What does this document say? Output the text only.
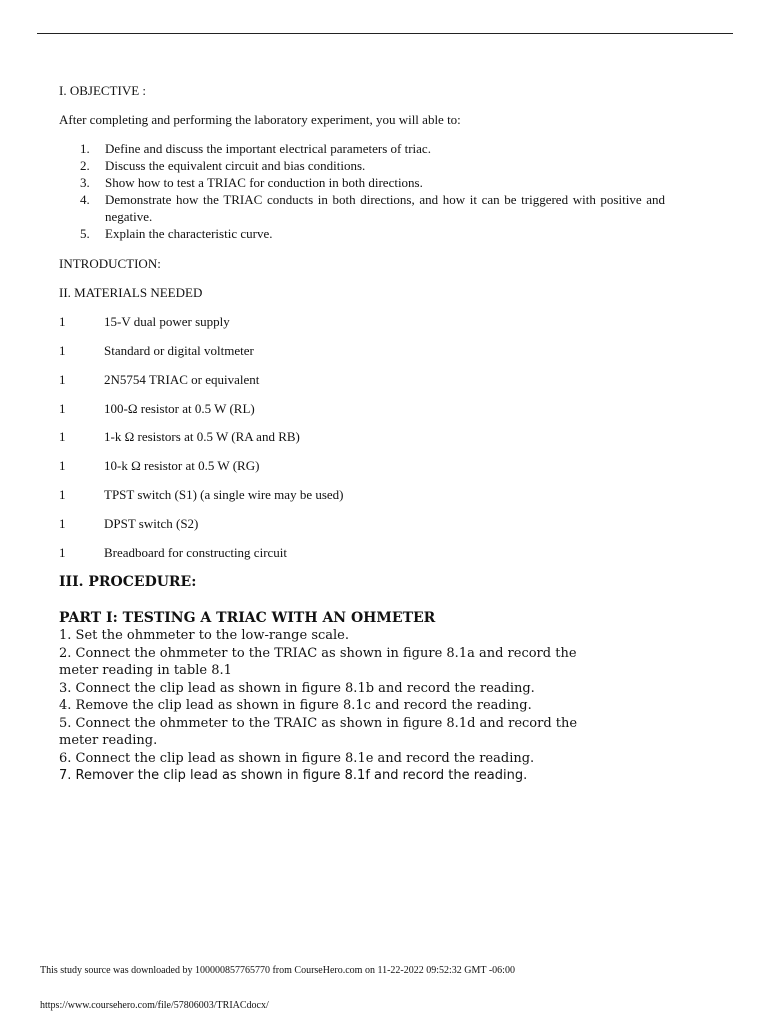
I. OBJECTIVE :
After completing and performing the laboratory experiment, you will able to:
1. Define and discuss the important electrical parameters of triac.
2. Discuss the equivalent circuit and bias conditions.
3. Show how to test a TRIAC for conduction in both directions.
4. Demonstrate how the TRIAC conducts in both directions, and how it can be triggered with positive and negative.
5. Explain the characteristic curve.
INTRODUCTION:
II. MATERIALS NEEDED
1	15-V dual power supply
1	Standard or digital voltmeter
1	2N5754 TRIAC or equivalent
1	100-Ω resistor at 0.5 W (RL)
1	1-k Ω resistors at 0.5 W (RA and RB)
1	10-k Ω resistor at 0.5 W (RG)
1	TPST switch (S1) (a single wire may be used)
1	DPST switch (S2)
1	Breadboard for constructing circuit
III. PROCEDURE:
PART I: TESTING A TRIAC WITH AN OHMETER

1. Set the ohmmeter to the low-range scale.

2. Connect the ohmmeter to the TRIAC as shown in figure 8.1a and record the meter reading in table 8.1

3. Connect the clip lead as shown in figure 8.1b and record the reading.

4. Remove the clip lead as shown in figure 8.1c and record the reading.

5. Connect the ohmmeter to the TRAIC as shown in figure 8.1d and record the meter reading.

6. Connect the clip lead as shown in figure 8.1e and record the reading.

7. Remover the clip lead as shown in figure 8.1f and record the reading.

This study source was downloaded by 100000857765770 from CourseHero.com on 11-22-2022 09:52:32 GMT -06:00
https://www.coursehero.com/file/57806003/TRIACdocx/
